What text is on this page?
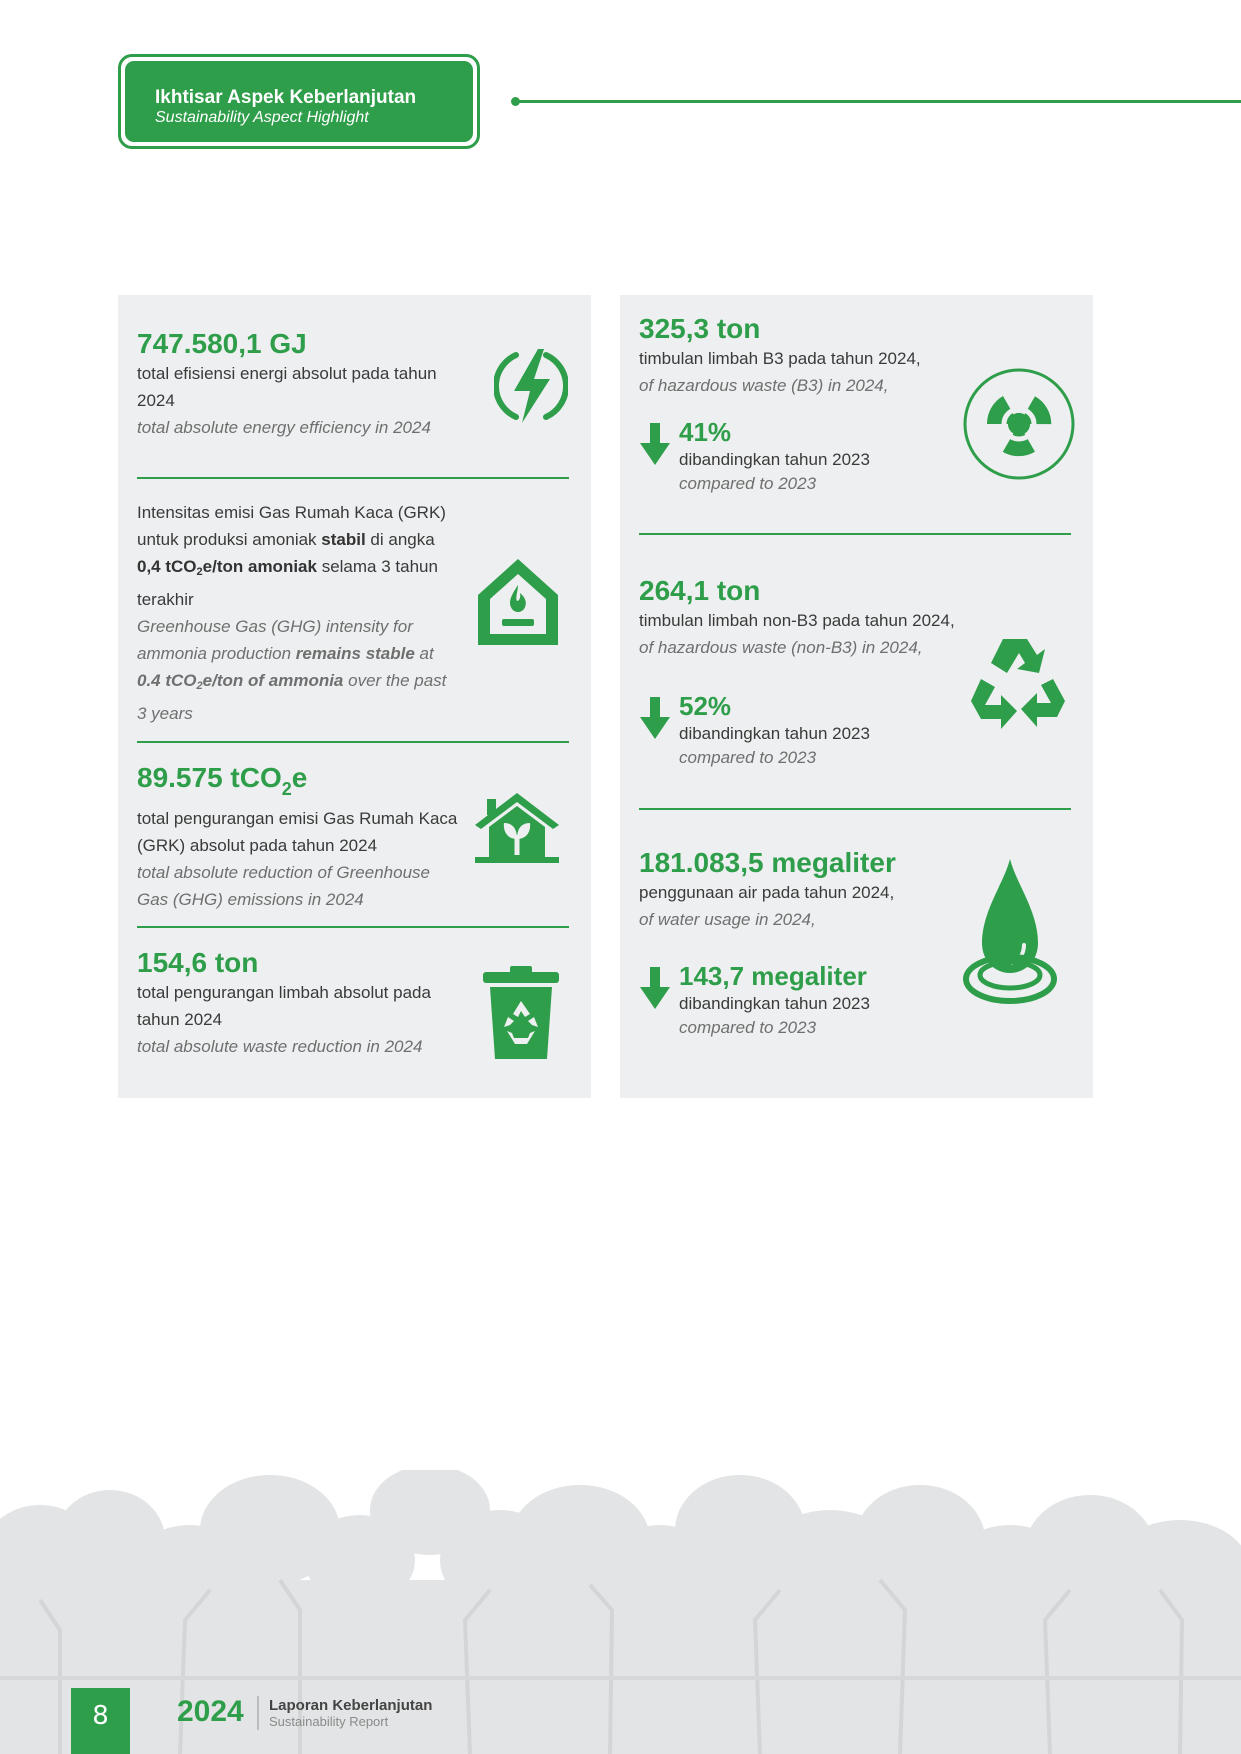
Ikhtisar Aspek Keberlanjutan
Sustainability Aspect Highlight
747.580,1 GJ
total efisiensi energi absolut pada tahun 2024
total absolute energy efficiency in 2024
Intensitas emisi Gas Rumah Kaca (GRK) untuk produksi amoniak stabil di angka 0,4 tCO$_2$e/ton amoniak selama 3 tahun terakhir
Greenhouse Gas (GHG) intensity for ammonia production remains stable at 0.4 tCO$_2$e/ton of ammonia over the past 3 years
89.575 tCO$_2$e
total pengurangan emisi Gas Rumah Kaca (GRK) absolut pada tahun 2024
total absolute reduction of Greenhouse Gas (GHG) emissions in 2024
154,6 ton
total pengurangan limbah absolut pada tahun 2024
total absolute waste reduction in 2024
325,3 ton
timbulan limbah B3 pada tahun 2024,
of hazardous waste (B3) in 2024,
41%
dibandingkan tahun 2023
compared to 2023
264,1 ton
timbulan limbah non-B3 pada tahun 2024,
of hazardous waste (non-B3) in 2024,
52%
dibandingkan tahun 2023
compared to 2023
181.083,5 megaliter
penggunaan air pada tahun 2024,
of water usage in 2024,
143,7 megaliter
dibandingkan tahun 2023
compared to 2023
8	2024 Laporan Keberlanjutan
Sustainability Report
